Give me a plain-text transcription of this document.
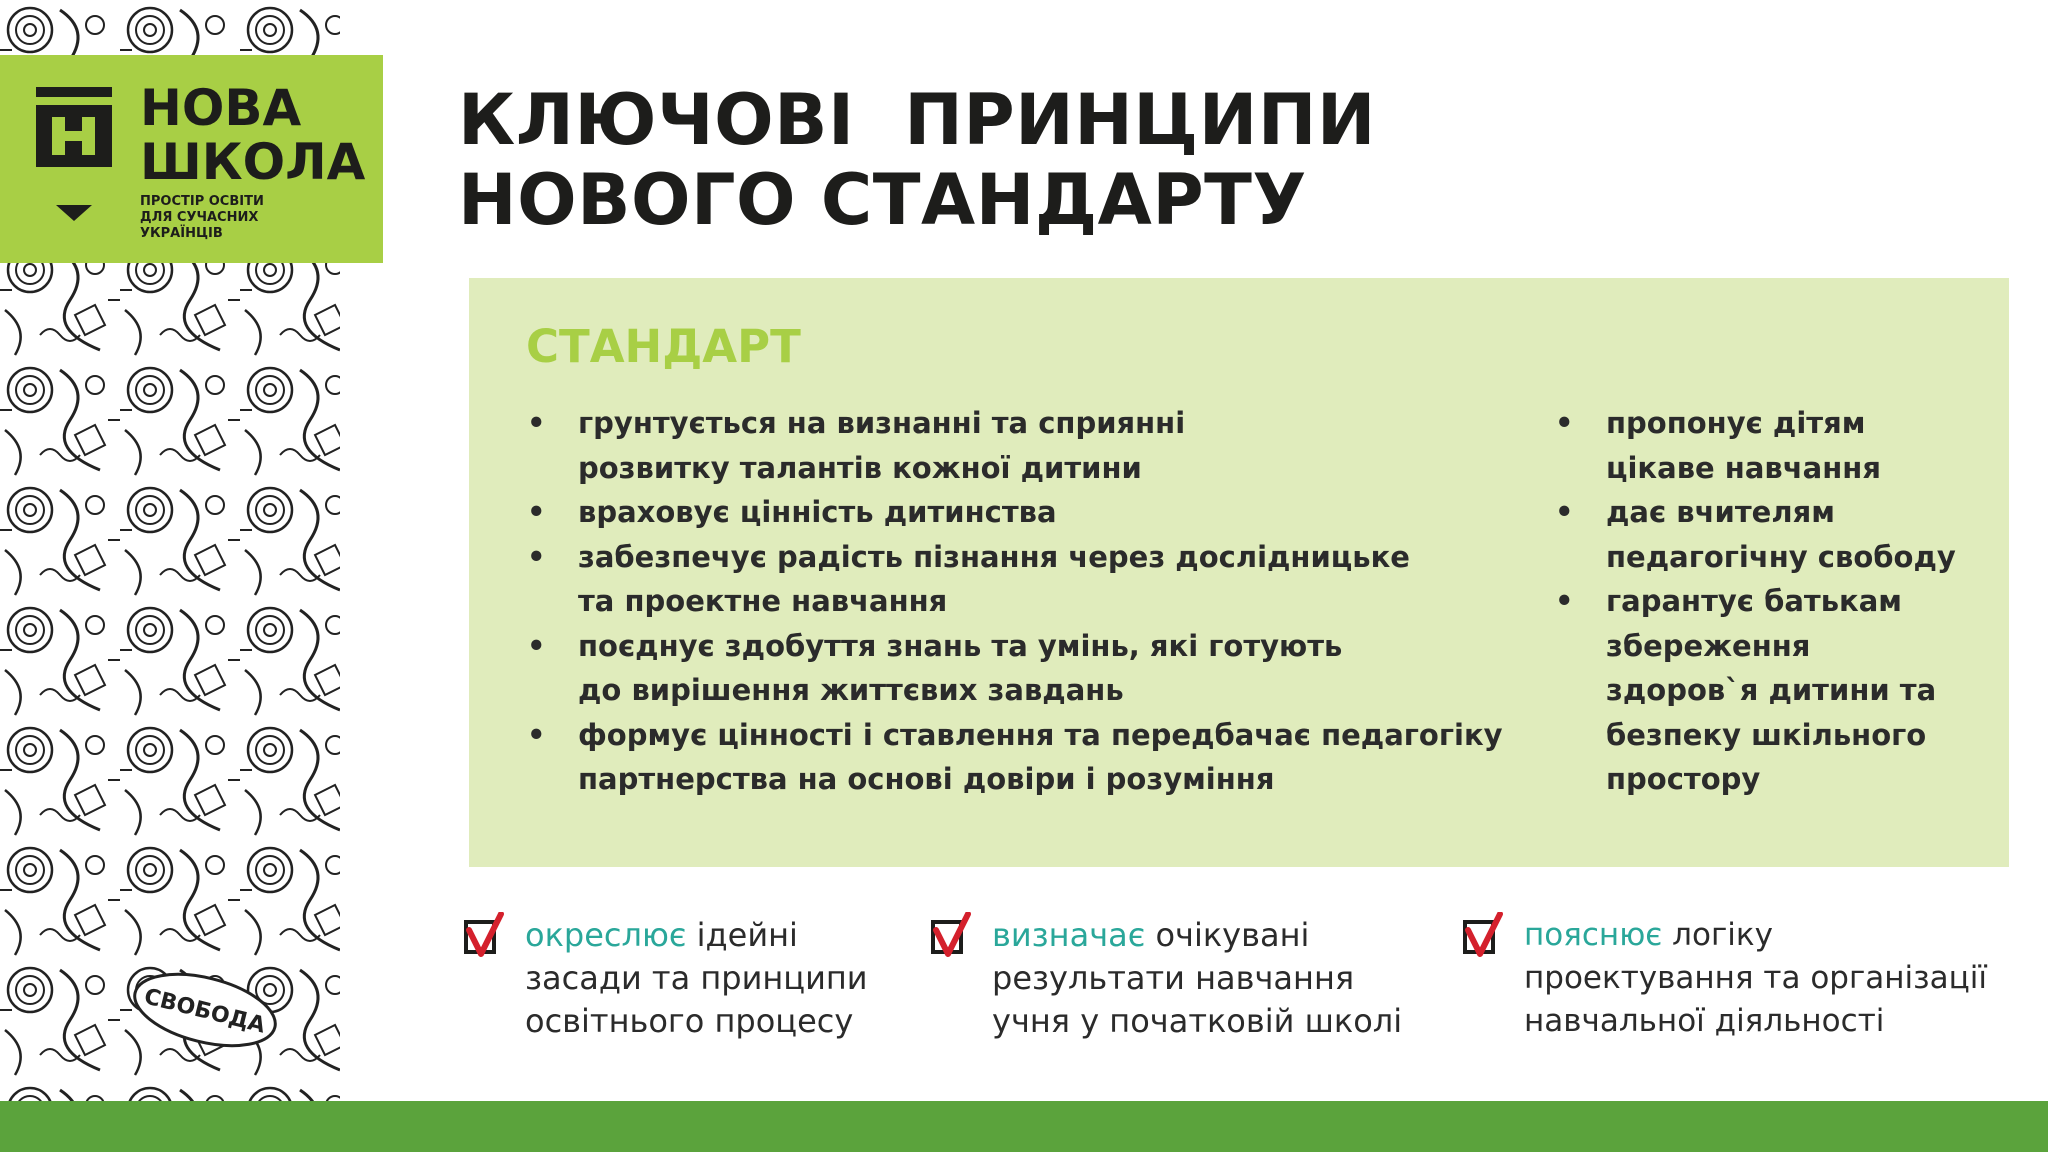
СВОБОДА
НОВА
ШКОЛА

ПРОСТІР ОСВІТИ
ДЛЯ СУЧАСНИХ
УКРАЇНЦІВ

КЛЮЧОВІ  ПРИНЦИПИ
НОВОГО СТАНДАРТУ
СТАНДАРТ
• грунтується на визнанні та сприянні
розвитку талантів кожної дитини
• враховує цінність дитинства
• забезпечує радість пізнання через дослідницьке
та проектне навчання
• поєднує здобуття знань та умінь, які готують
до вирішення життєвих завдань
• формує цінності і ставлення та передбачає педагогіку
партнерства на основі довіри і розуміння
• пропонує дітям
цікаве навчання
• дає вчителям
педагогічну свободу
• гарантує батькам
збереження
здоров`я дитини та
безпеку шкільного
простору

окреслює ідейні
засади та принципи
освітнього процесу

визначає очікувані
результати навчання
учня у початковій школі

пояснює логіку
проектування та організації
навчальної діяльності
